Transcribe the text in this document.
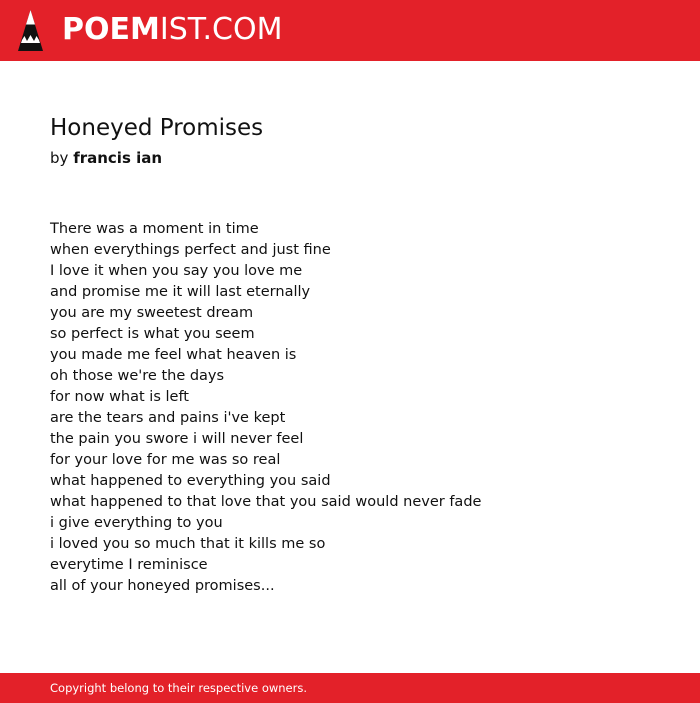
POEMIST.COM
Honeyed Promises
by francis ian
There was a moment in time
when everythings perfect and just fine
I love it when you say you love me
and promise me it will last eternally
you are my sweetest dream
so perfect is what you seem
you made me feel what heaven is
oh those we're the days
for now what is left
are the tears and pains i've kept
the pain you swore i will never feel
for your love for me was so real
what happened to everything you said
what happened to that love that you said would never fade
i give everything to you
i loved you so much that it kills me so
everytime I reminisce
all of your honeyed promises...
Copyright belong to their respective owners.
